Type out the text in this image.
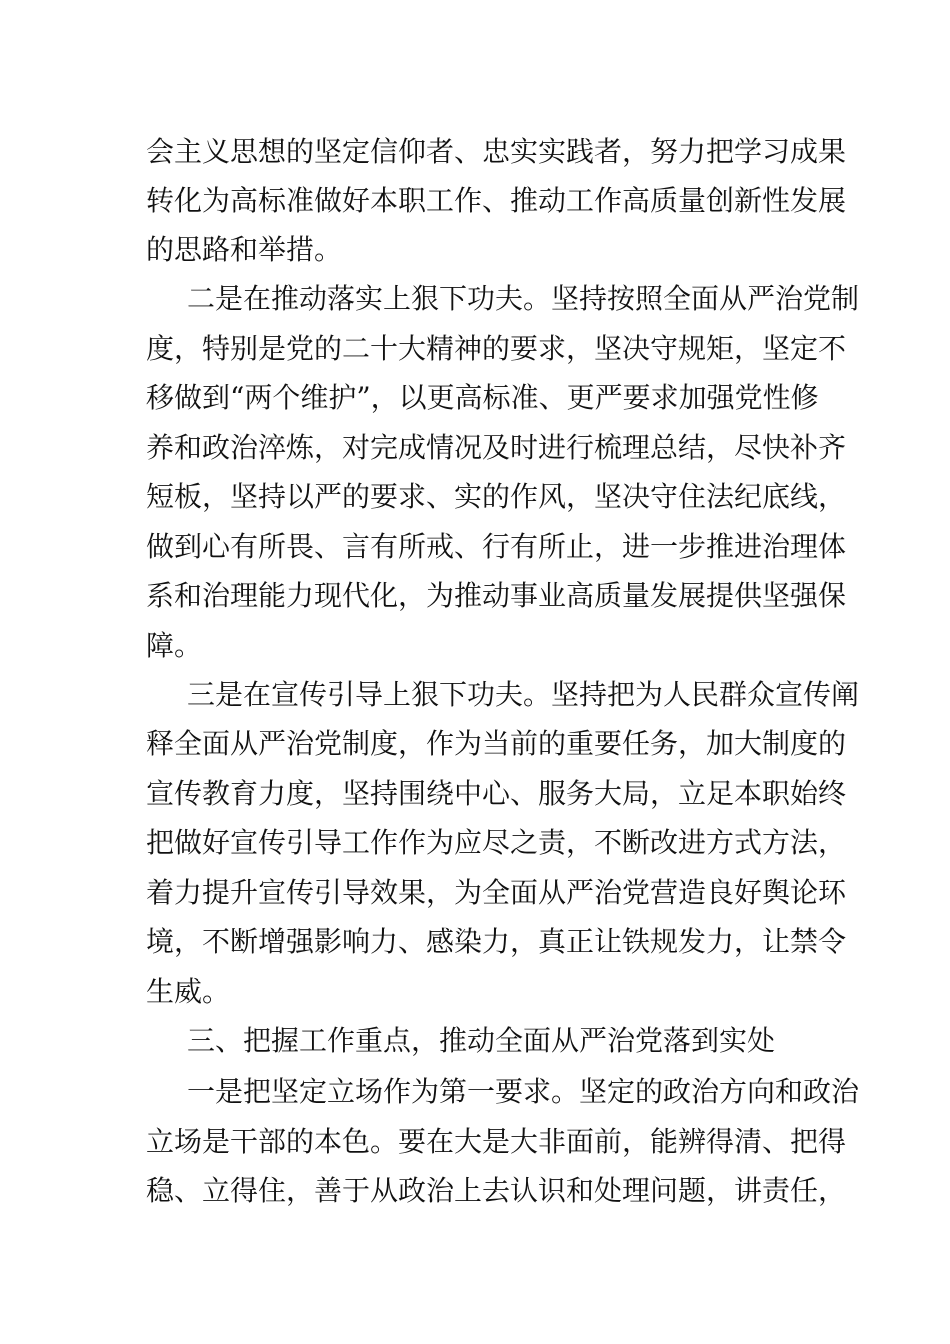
会主义思想的坚定信仰者、忠实实践者，努力把学习成果
转化为高标准做好本职工作、推动工作高质量创新性发展
的思路和举措。
二是在推动落实上狠下功夫。坚持按照全面从严治党制
度，特别是党的二十大精神的要求，坚决守规矩，坚定不
移做到“两个维护”，以更高标准、更严要求加强党性修
养和政治淬炼，对完成情况及时进行梳理总结，尽快补齐
短板，坚持以严的要求、实的作风，坚决守住法纪底线，
做到心有所畏、言有所戒、行有所止，进一步推进治理体
系和治理能力现代化，为推动事业高质量发展提供坚强保
障。
三是在宣传引导上狠下功夫。坚持把为人民群众宣传阐
释全面从严治党制度，作为当前的重要任务，加大制度的
宣传教育力度，坚持围绕中心、服务大局，立足本职始终
把做好宣传引导工作作为应尽之责，不断改进方式方法，
着力提升宣传引导效果，为全面从严治党营造良好舆论环
境，不断增强影响力、感染力，真正让铁规发力，让禁令
生威。
三、把握工作重点，推动全面从严治党落到实处
一是把坚定立场作为第一要求。坚定的政治方向和政治
立场是干部的本色。要在大是大非面前，能辨得清、把得
稳、立得住，善于从政治上去认识和处理问题，讲责任，
